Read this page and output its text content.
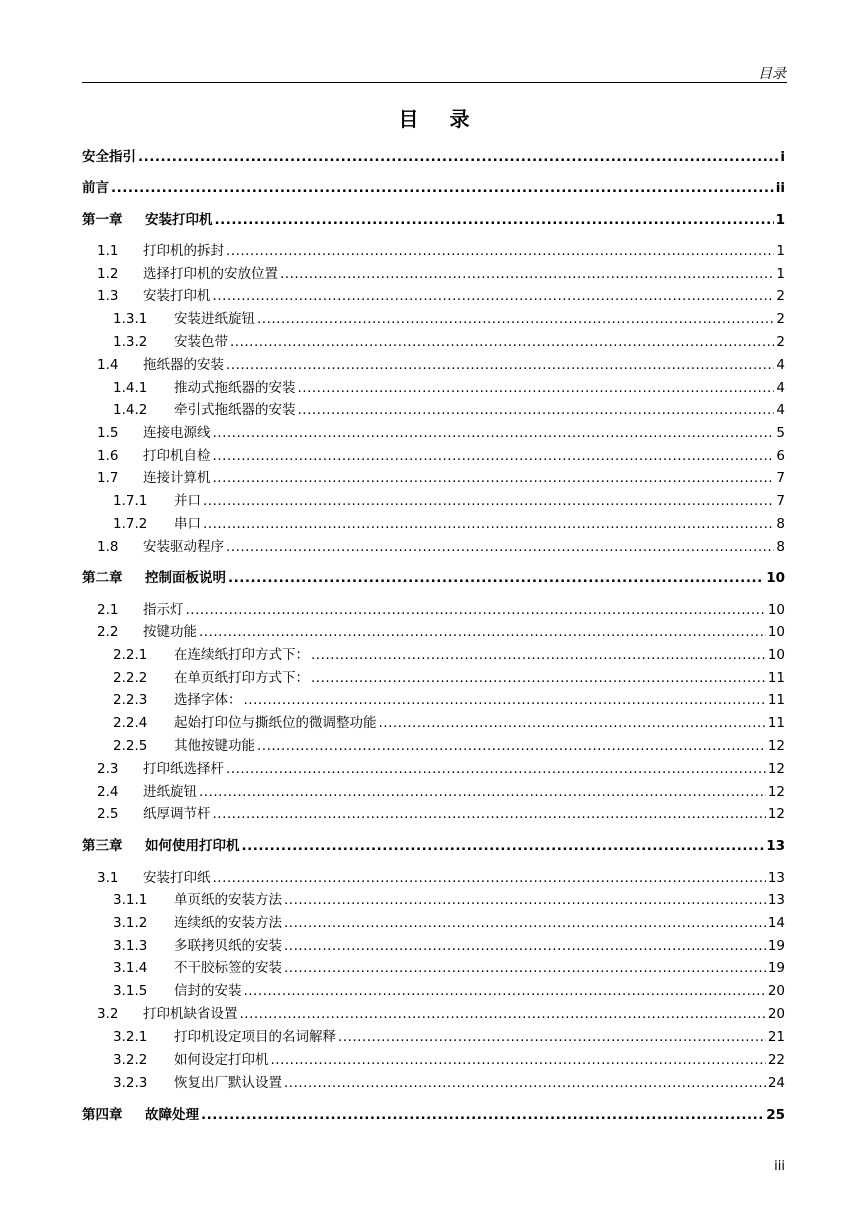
目录
目 录
安全指引 .....	i
前言 .....	ii
第一章	安装打印机 .....	1
1.1	打印机的拆封 .....	1
1.2	选择打印机的安放位置 .....	1
1.3	安装打印机 .....	2
1.3.1	安装进纸旋钮 .....	2
1.3.2	安装色带 .....	2
1.4	拖纸器的安装 .....	4
1.4.1	推动式拖纸器的安装 .....	4
1.4.2	牵引式拖纸器的安装 .....	4
1.5	连接电源线 .....	5
1.6	打印机自检 .....	6
1.7	连接计算机 .....	7
1.7.1	并口 .....	7
1.7.2	串口 .....	8
1.8	安装驱动程序 .....	8
第二章	控制面板说明 .....	10
2.1	指示灯 .....	10
2.2	按键功能 .....	10
2.2.1	在连续纸打印方式下： .....	10
2.2.2	在单页纸打印方式下： .....	11
2.2.3	选择字体： .....	11
2.2.4	起始打印位与撕纸位的微调整功能 .....	11
2.2.5	其他按键功能 .....	12
2.3	打印纸选择杆 .....	12
2.4	进纸旋钮 .....	12
2.5	纸厚调节杆 .....	12
第三章	如何使用打印机 .....	13
3.1	安装打印纸 .....	13
3.1.1	单页纸的安装方法 .....	13
3.1.2	连续纸的安装方法 .....	14
3.1.3	多联拷贝纸的安装 .....	19
3.1.4	不干胶标签的安装 .....	19
3.1.5	信封的安装 .....	20
3.2	打印机缺省设置 .....	20
3.2.1	打印机设定项目的名词解释 .....	21
3.2.2	如何设定打印机 .....	22
3.2.3	恢复出厂默认设置 .....	24
第四章	故障处理 .....	25
iii
